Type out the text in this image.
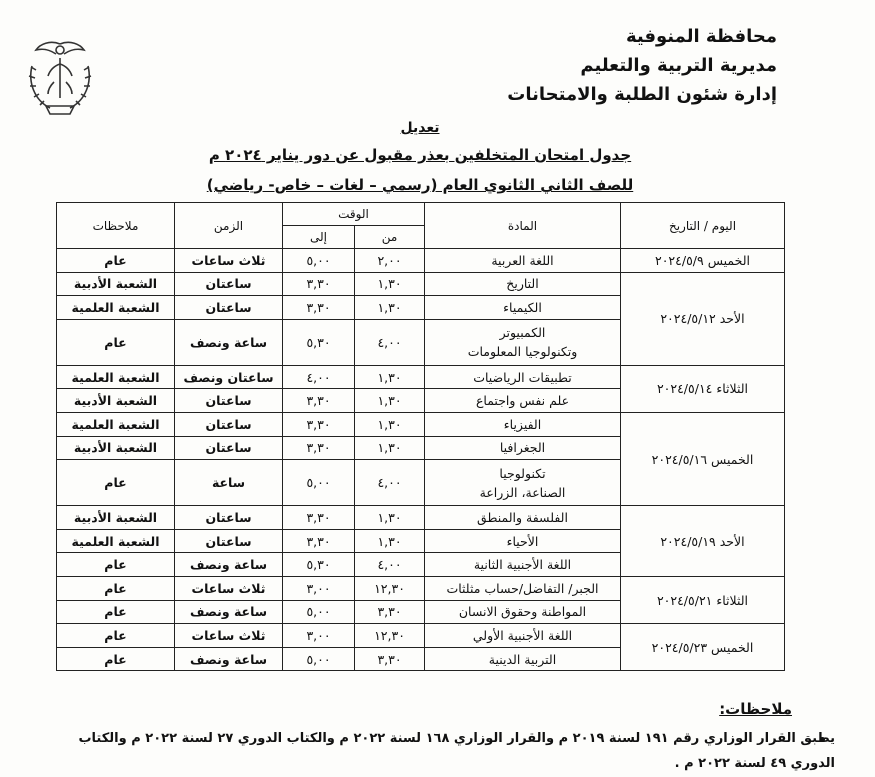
محافظة المنوفية
مديرية التربية والتعليم
إدارة شئون الطلبة والامتحانات
تعديل
جدول امتحان المتخلفين بعذر مقبول عن دور يناير ٢٠٢٤ م
للصف الثاني الثانوي العام (رسمي – لغات – خاص- رياضي)
اليوم / التاريخ	المادة	الوقت		الزمن	ملاحظات
		من	إلى		
الخميس ٢٠٢٤/٥/٩	اللغة العربية	٢,٠٠	٥,٠٠	ثلاث ساعات	عام
الأحد ٢٠٢٤/٥/١٢	التاريخ	١,٣٠	٣,٣٠	ساعتان	الشعبة الأدبية

	الكيمياء	١,٣٠	٣,٣٠	ساعتان	الشعبة العلمية

	الكمبيوتر
وتكنولوجيا المعلومات	٤,٠٠	٥,٣٠	ساعة ونصف	عام
الثلاثاء ٢٠٢٤/٥/١٤	تطبيقات الرياضيات	١,٣٠	٤,٠٠	ساعتان ونصف	الشعبة العلمية

	علم نفس واجتماع	١,٣٠	٣,٣٠	ساعتان	الشعبة الأدبية
الخميس ٢٠٢٤/٥/١٦	الفيزياء	١,٣٠	٣,٣٠	ساعتان	الشعبة العلمية

	الجغرافيا	١,٣٠	٣,٣٠	ساعتان	الشعبة الأدبية

	تكنولوجيا
الصناعة، الزراعة	٤,٠٠	٥,٠٠	ساعة	عام
الأحد ٢٠٢٤/٥/١٩	الفلسفة والمنطق	١,٣٠	٣,٣٠	ساعتان	الشعبة الأدبية

	الأحياء	١,٣٠	٣,٣٠	ساعتان	الشعبة العلمية

	اللغة الأجنبية الثانية	٤,٠٠	٥,٣٠	ساعة ونصف	عام
الثلاثاء ٢٠٢٤/٥/٢١	الجبر/ التفاضل/حساب مثلثات	١٢,٣٠	٣,٠٠	ثلاث ساعات	عام

	المواطنة وحقوق الانسان	٣,٣٠	٥,٠٠	ساعة ونصف	عام
الخميس ٢٠٢٤/٥/٢٣	اللغة الأجنبية الأولي	١٢,٣٠	٣,٠٠	ثلاث ساعات	عام

	التربية الدينية	٣,٣٠	٥,٠٠	ساعة ونصف	عام
ملاحظات:
يطبق القرار الوزاري رقم ١٩١ لسنة ٢٠١٩ م والقرار الوزاري ١٦٨ لسنة ٢٠٢٢ م والكتاب الدوري ٢٧ لسنة ٢٠٢٢ م والكتاب الدوري ٤٩ لسنة ٢٠٢٢ م .
